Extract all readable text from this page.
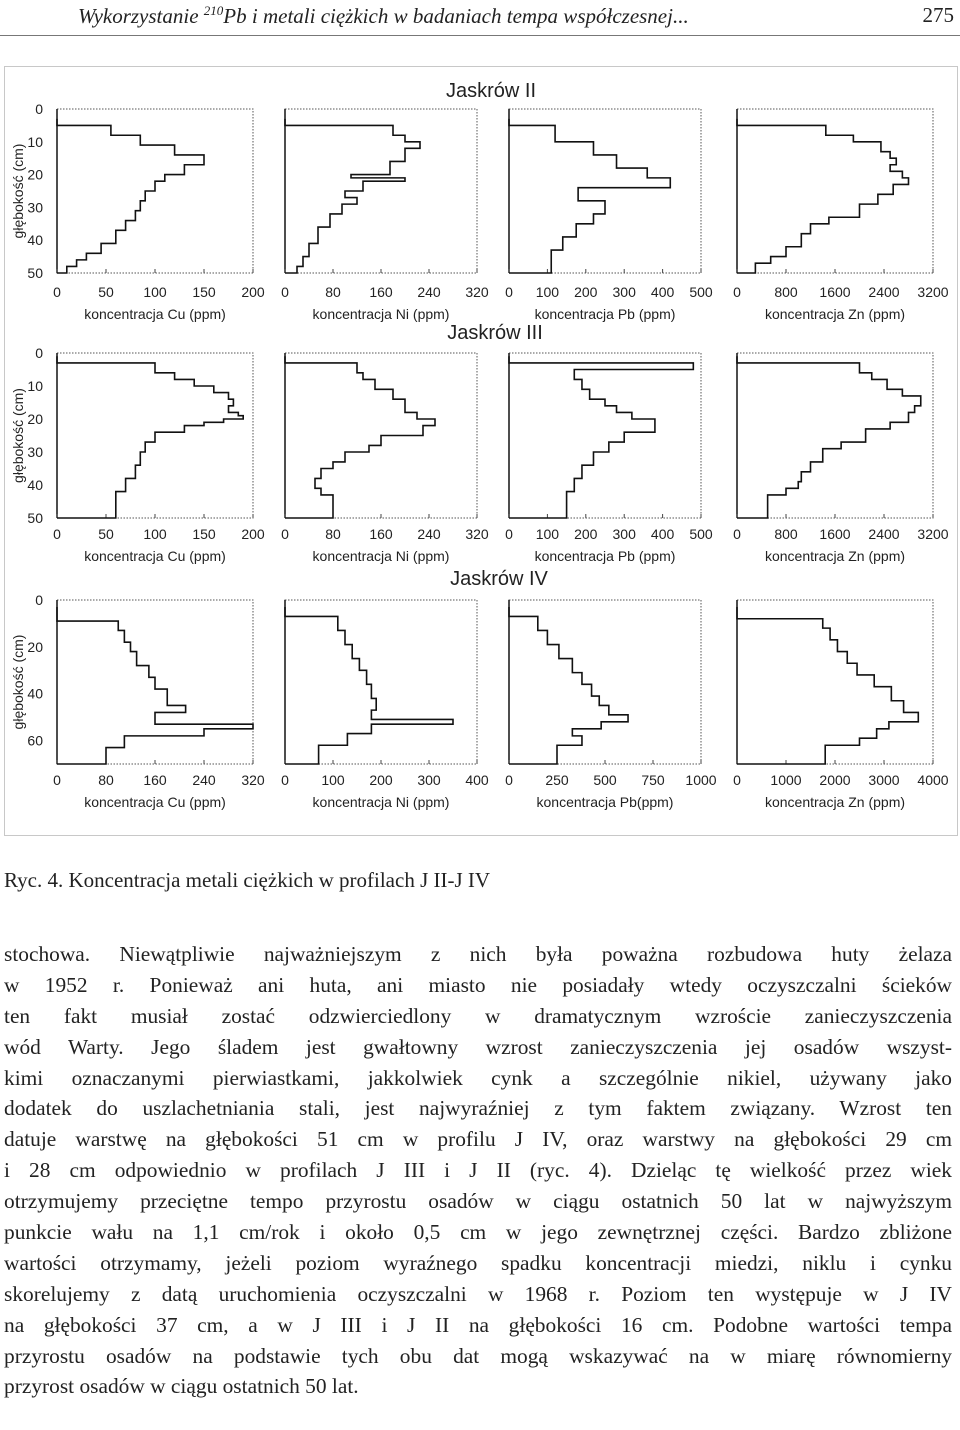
Wykorzystanie $^{210}$Pb i metali ciężkich w badaniach tempa współczesnej...	275
Jaskrów II
głębokość (cm)
0
10
20
30
40
50
0	50 100 150 200
koncentracja Cu (ppm)
0	80 160 240 320
koncentracja Ni (ppm)
0 100 200 300 400 500
koncentracja Pb (ppm)
0 800 1600 2400 3200
koncentracja Zn (ppm)
Jaskrów III
głębokość (cm)
0
10
20
30
40
50
0	50 100 150 200
koncentracja Cu (ppm)
0	80 160 240 320
koncentracja Ni (ppm)
0 100 200 300 400 500
koncentracja Pb (ppm)
0 800 1600 2400 3200
koncentracja Zn (ppm)
Jaskrów IV
głębokość (cm)
0
20
40
60
0	80 160 240 320
koncentracja Cu (ppm)
0 100 200 300 400
koncentracja Ni (ppm)
0 250 500 750 1000
koncentracja Pb(ppm)
0 1000 2000 3000 4000
koncentracja Zn (ppm)
Ryc. 4. Koncentracja metali ciężkich w profilach J II-J IV
stochowa. Niewątpliwie najważniejszym z nich była poważna rozbudowa huty żelaza
w 1952 r. Ponieważ ani huta, ani miasto nie posiadały wtedy oczyszczalni ścieków
ten fakt musiał zostać odzwierciedlony w dramatycznym wzroście zanieczyszczenia
wód Warty. Jego śladem jest gwałtowny wzrost zanieczyszczenia jej osadów wszyst-
kimi oznaczanymi pierwiastkami, jakkolwiek cynk a szczególnie nikiel, używany jako
dodatek do uszlachetniania stali, jest najwyraźniej z tym faktem związany. Wzrost ten
datuje warstwę na głębokości 51 cm w profilu J IV, oraz warstwy na głębokości 29 cm
i 28 cm odpowiednio w profilach J III i J II (ryc. 4). Dzieląc tę wielkość przez wiek
otrzymujemy przeciętne tempo przyrostu osadów w ciągu ostatnich 50 lat w najwyższym
punkcie wału na 1,1 cm/rok i około 0,5 cm w jego zewnętrznej części. Bardzo zbliżone
wartości otrzymamy, jeżeli poziom wyraźnego spadku koncentracji miedzi, niklu i cynku
skorelujemy z datą uruchomienia oczyszczalni w 1968 r. Poziom ten występuje w J IV
na głębokości 37 cm, a w J III i J II na głębokości 16 cm. Podobne wartości tempa
przyrostu osadów na podstawie tych obu dat mogą wskazywać na w miarę równomierny
przyrost osadów w ciągu ostatnich 50 lat.
